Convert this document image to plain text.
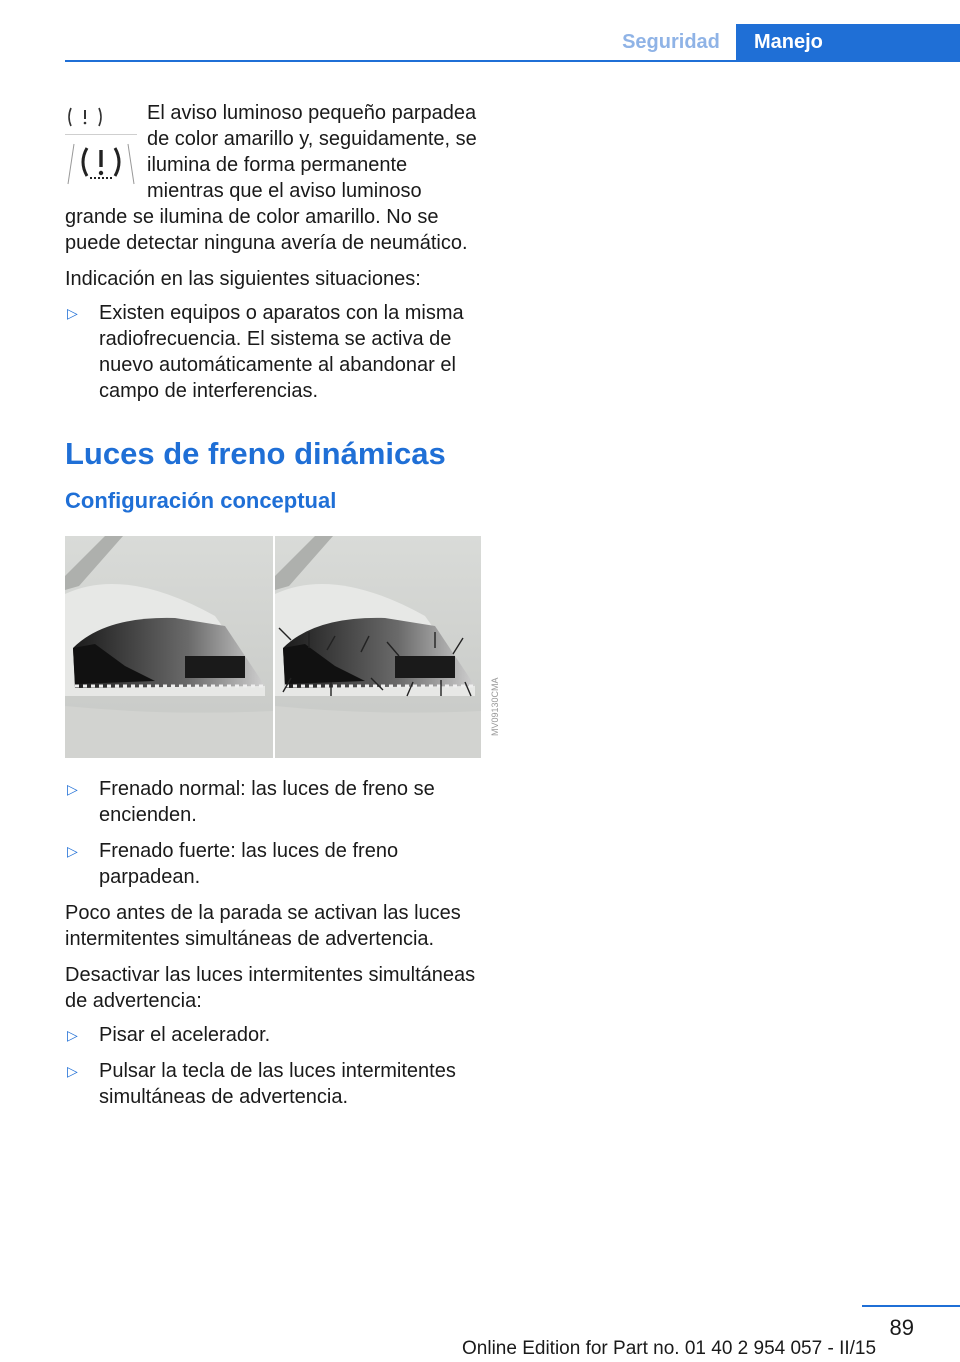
Seguridad	Manejo

El aviso luminoso pequeño parpadea de color amarillo y, seguidamente, se ilumina de forma permanente mientras que el aviso luminoso grande se ilumina de color amarillo. No se puede detectar ninguna avería de neumático.

Indicación en las siguientes situaciones:

▷ Existen equipos o aparatos con la misma radiofrecuencia. El sistema se activa de nuevo automáticamente al abandonar el campo de interferencias.
Luces de freno dinámicas
Configuración conceptual
MV09130CMA
▷ Frenado normal: las luces de freno se encienden.
▷ Frenado fuerte: las luces de freno parpadean.

Poco antes de la parada se activan las luces intermitentes simultáneas de advertencia.

Desactivar las luces intermitentes simultáneas de advertencia:

▷ Pisar el acelerador.
▷ Pulsar la tecla de las luces intermitentes simultáneas de advertencia.
89
Online Edition for Part no. 01 40 2 954 057 - II/15
